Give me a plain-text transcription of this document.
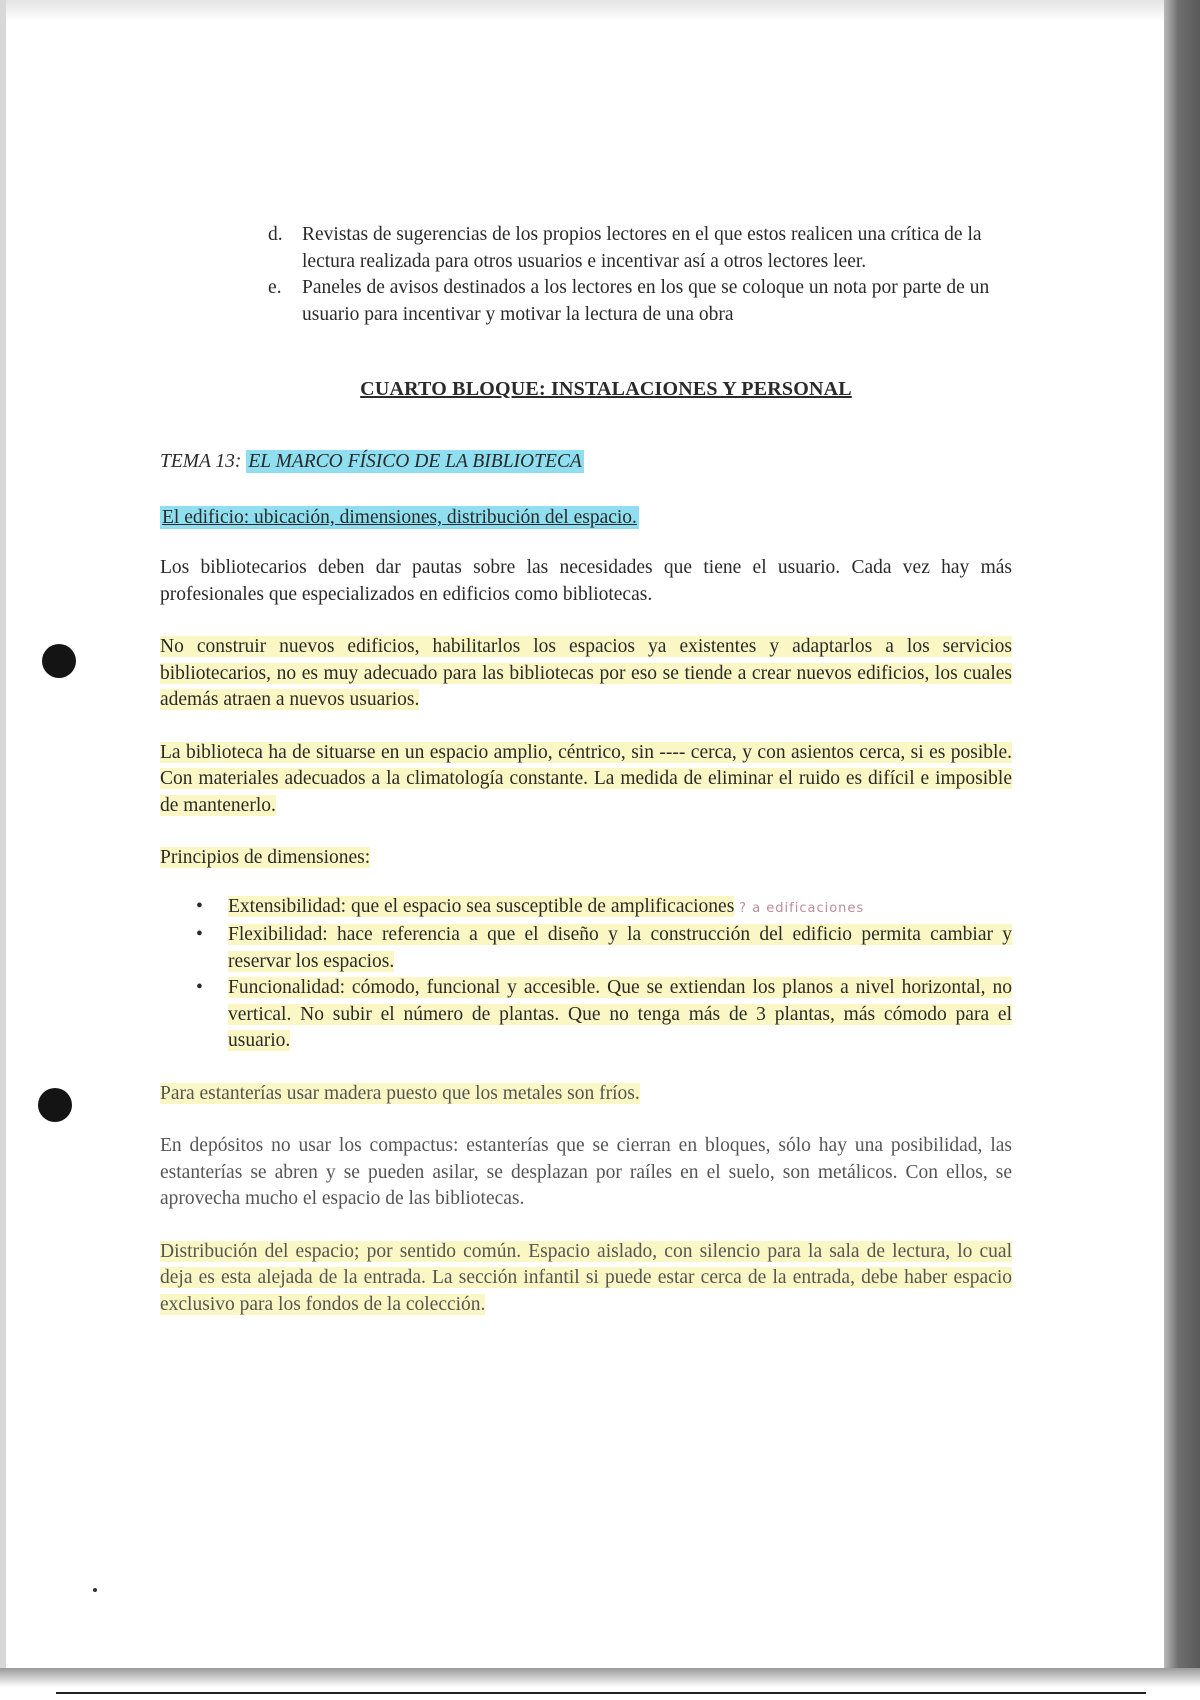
d. Revistas de sugerencias de los propios lectores en el que estos realicen una crítica de la lectura realizada para otros usuarios e incentivar así a otros lectores leer.
e. Paneles de avisos destinados a los lectores en los que se coloque un nota por parte de un usuario para incentivar y motivar la lectura de una obra
CUARTO BLOQUE: INSTALACIONES Y PERSONAL
TEMA 13: EL MARCO FÍSICO DE LA BIBLIOTECA
El edificio: ubicación, dimensiones, distribución del espacio.

Los bibliotecarios deben dar pautas sobre las necesidades que tiene el usuario. Cada vez hay más profesionales que especializados en edificios como bibliotecas.

No construir nuevos edificios, habilitarlos los espacios ya existentes y adaptarlos a los servicios bibliotecarios, no es muy adecuado para las bibliotecas por eso se tiende a crear nuevos edificios, los cuales además atraen a nuevos usuarios.

La biblioteca ha de situarse en un espacio amplio, céntrico, sin ---- cerca, y con asientos cerca, si es posible. Con materiales adecuados a la climatología constante. La medida de eliminar el ruido es difícil e imposible de mantenerlo.

Principios de dimensiones:

• Extensibilidad: que el espacio sea susceptible de amplificaciones ? a edificaciones
• Flexibilidad: hace referencia a que el diseño y la construcción del edificio permita cambiar y reservar los espacios.
• Funcionalidad: cómodo, funcional y accesible. Que se extiendan los planos a nivel horizontal, no vertical. No subir el número de plantas. Que no tenga más de 3 plantas, más cómodo para el usuario.

Para estanterías usar madera puesto que los metales son fríos.

En depósitos no usar los compactus: estanterías que se cierran en bloques, sólo hay una posibilidad, las estanterías se abren y se pueden asilar, se desplazan por raíles en el suelo, son metálicos. Con ellos, se aprovecha mucho el espacio de las bibliotecas.

Distribución del espacio; por sentido común. Espacio aislado, con silencio para la sala de lectura, lo cual deja es esta alejada de la entrada. La sección infantil si puede estar cerca de la entrada, debe haber espacio exclusivo para los fondos de la colección.
